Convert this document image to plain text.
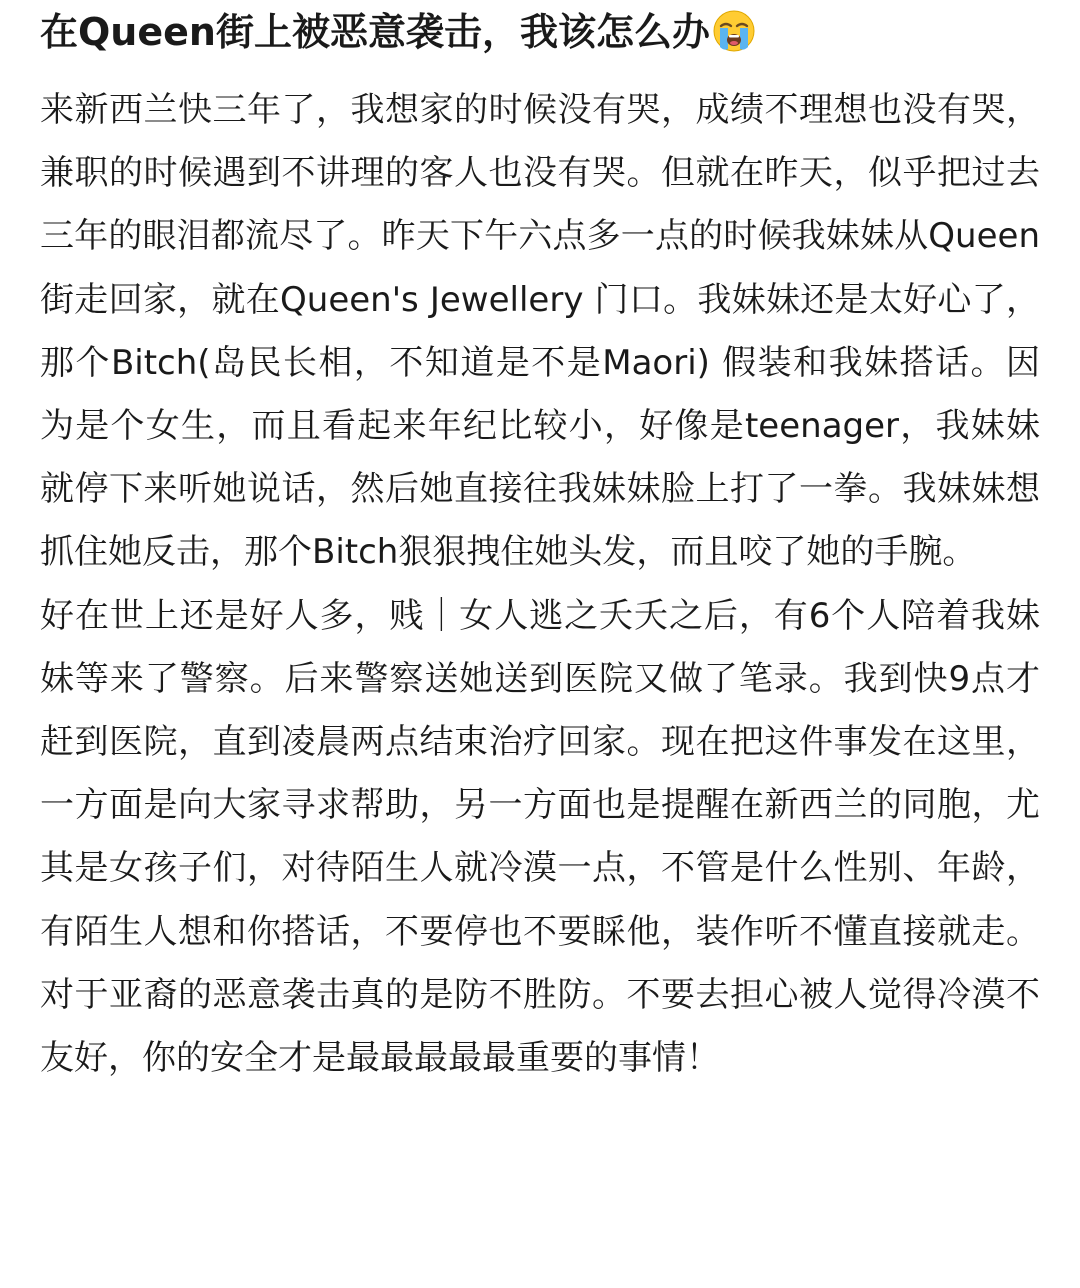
在Queen街上被恶意袭击，我该怎么办

来新西兰快三年了，我想家的时候没有哭，成绩不理想也没有哭，兼职的时候遇到不讲理的客人也没有哭。但就在昨天，似乎把过去三年的眼泪都流尽了。昨天下午六点多一点的时候我妹妹从Queen街走回家，就在Queen's Jewellery 门口。我妹妹还是太好心了，那个Bitch(岛民长相，不知道是不是Maori) 假装和我妹搭话。因为是个女生，而且看起来年纪比较小，好像是teenager，我妹妹就停下来听她说话，然后她直接往我妹妹脸上打了一拳。我妹妹想抓住她反击，那个Bitch狠狠拽住她头发，而且咬了她的手腕。

好在世上还是好人多，贱｜女人逃之夭夭之后，有6个人陪着我妹妹等来了警察。后来警察送她送到医院又做了笔录。我到快9点才赶到医院，直到凌晨两点结束治疗回家。现在把这件事发在这里，一方面是向大家寻求帮助，另一方面也是提醒在新西兰的同胞，尤其是女孩子们，对待陌生人就冷漠一点，不管是什么性别、年龄，有陌生人想和你搭话，不要停也不要睬他，装作听不懂直接就走。对于亚裔的恶意袭击真的是防不胜防。不要去担心被人觉得冷漠不友好，你的安全才是最最最最最重要的事情！
